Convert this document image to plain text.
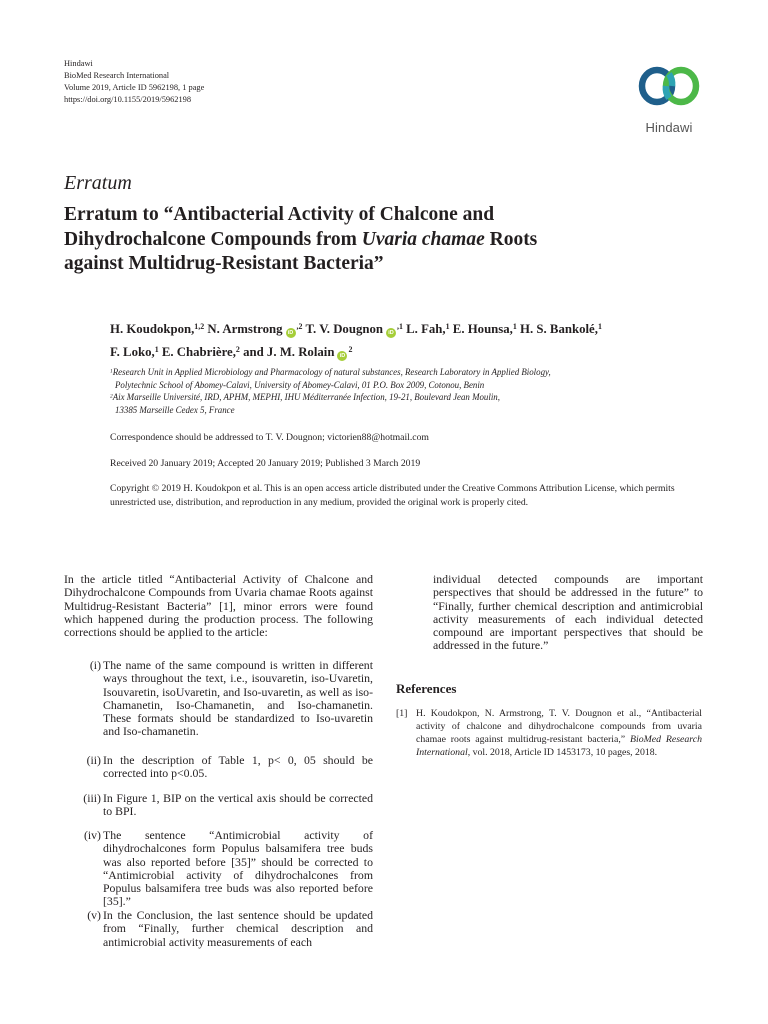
Hindawi
BioMed Research International
Volume 2019, Article ID 5962198, 1 page
https://doi.org/10.1155/2019/5962198
Hindawi
Erratum
Erratum to “Antibacterial Activity of Chalcone and
Dihydrochalcone Compounds from Uvaria chamae Roots
against Multidrug-Resistant Bacteria”
H. Koudokpon,$^{1,2}$ N. Armstrong $iD^{,2}$ T. V. Dougnon $iD^{,1}$ L. Fah,$^1$ E. Hounsa,$^1$ H. S. Bankolé,$^1$
F. Loko,$^1$ E. Chabrière,$^2$ and J. M. Rolain $iD^2$
$^1$Research Unit in Applied Microbiology and Pharmacology of natural substances, Research Laboratory in Applied Biology,
Polytechnic School of Abomey-Calavi, University of Abomey-Calavi, 01 P.O. Box 2009, Cotonou, Benin
$^2$Aix Marseille Université, IRD, APHM, MEPHI, IHU Méditerranée Infection, 19-21, Boulevard Jean Moulin,
13385 Marseille Cedex 5, France
Correspondence should be addressed to T. V. Dougnon; victorien88@hotmail.com
Received 20 January 2019; Accepted 20 January 2019; Published 3 March 2019
Copyright © 2019 H. Koudokpon et al. This is an open access article distributed under the Creative Commons Attribution License, which permits unrestricted use, distribution, and reproduction in any medium, provided the original work is properly cited.
In the article titled “Antibacterial Activity of Chalcone and Dihydrochalcone Compounds from Uvaria chamae Roots against Multidrug-Resistant Bacteria” [1], minor errors were found which happened during the production process. The following corrections should be applied to the article:
(i) The name of the same compound is written in different ways throughout the text, i.e., isouvaretin, iso-Uvaretin, Isouvaretin, isoUvaretin, and Iso-uvaretin, as well as iso-Chamanetin, Iso-Chamanetin, and Iso-chamanetin. These formats should be standardized to Iso-uvaretin and Iso-chamanetin.
(ii) In the description of Table 1, p< 0, 05 should be corrected into p<0.05.
(iii) In Figure 1, BIP on the vertical axis should be corrected to BPI.
(iv) The sentence “Antimicrobial activity of dihydrochalcones form Populus balsamifera tree buds was also reported before [35]” should be corrected to “Antimicrobial activity of dihydrochalcones from Populus balsamifera tree buds was also reported before [35].”
(v) In the Conclusion, the last sentence should be updated from “Finally, further chemical description and antimicrobial activity measurements of each
individual detected compounds are important perspectives that should be addressed in the future” to “Finally, further chemical description and antimicrobial activity measurements of each individual detected compound are important perspectives that should be addressed in the future.”
References
[1] H. Koudokpon, N. Armstrong, T. V. Dougnon et al., “Antibacterial activity of chalcone and dihydrochalcone compounds from uvaria chamae roots against multidrug-resistant bacteria,” BioMed Research International, vol. 2018, Article ID 1453173, 10 pages, 2018.
